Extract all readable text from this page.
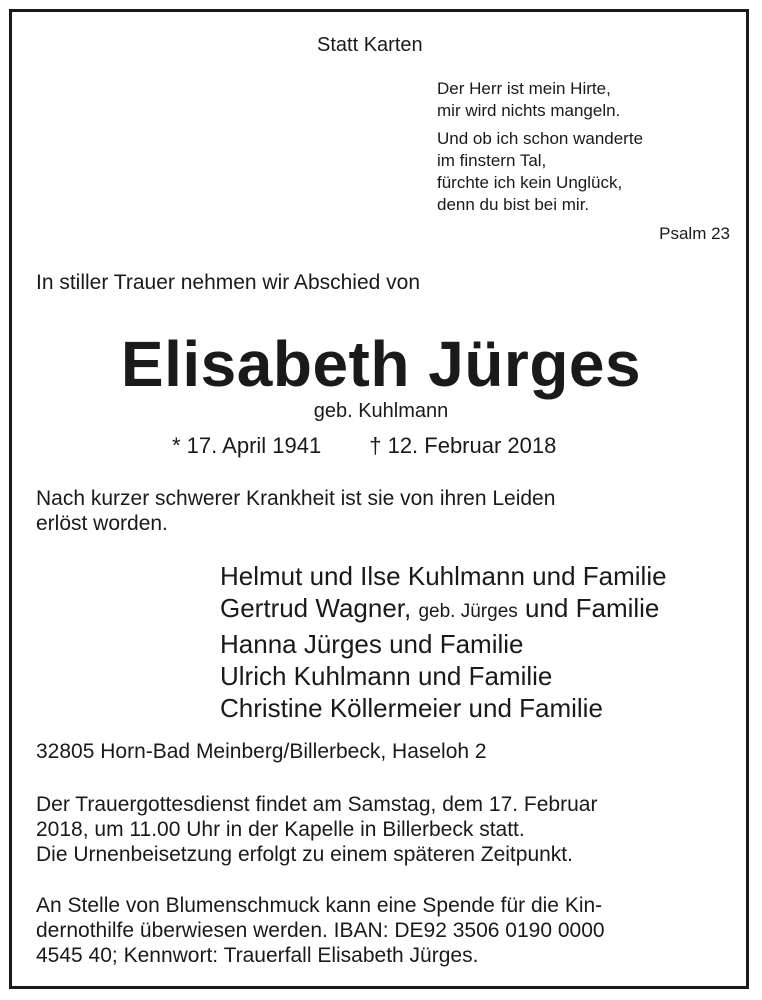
Statt Karten
Der Herr ist mein Hirte,
mir wird nichts mangeln.
Und ob ich schon wanderte
im finstern Tal,
fürchte ich kein Unglück,
denn du bist bei mir.
Psalm 23
In stiller Trauer nehmen wir Abschied von
Elisabeth Jürges
geb. Kuhlmann
* 17. April 1941 † 12. Februar 2018
Nach kurzer schwerer Krankheit ist sie von ihren Leiden
erlöst worden.
Helmut und Ilse Kuhlmann und Familie
Gertrud Wagner, geb. Jürges und Familie
Hanna Jürges und Familie
Ulrich Kuhlmann und Familie
Christine Köllermeier und Familie
32805 Horn-Bad Meinberg/Billerbeck, Haseloh 2
Der Trauergottesdienst findet am Samstag, dem 17. Februar
2018, um 11.00 Uhr in der Kapelle in Billerbeck statt.
Die Urnenbeisetzung erfolgt zu einem späteren Zeitpunkt.
An Stelle von Blumenschmuck kann eine Spende für die Kin-
dernothilfe überwiesen werden. IBAN: DE92 3506 0190 0000
4545 40; Kennwort: Trauerfall Elisabeth Jürges.
